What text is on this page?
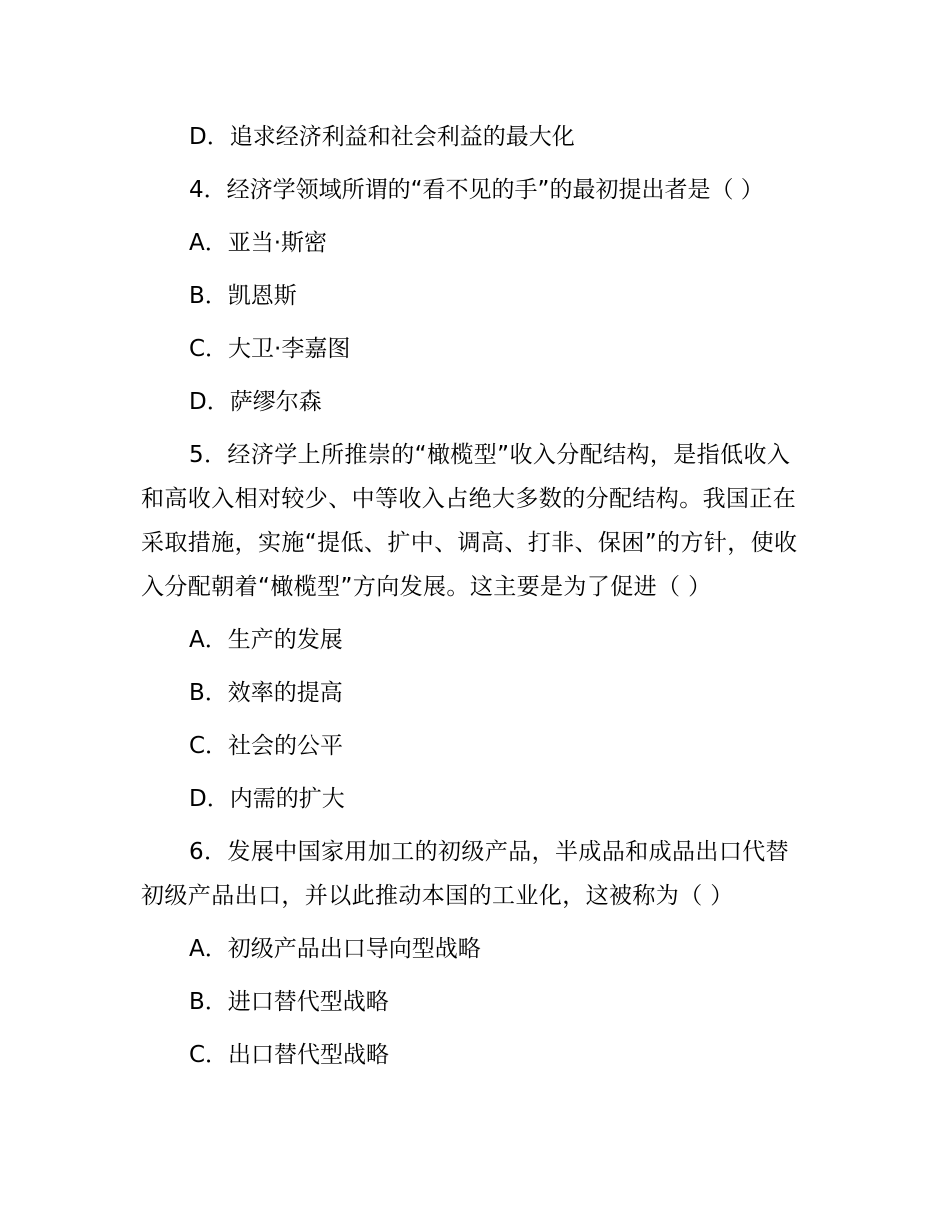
D．追求经济利益和社会利益的最大化

4．经济学领域所谓的“看不见的手”的最初提出者是（ ）

A．亚当·斯密

B．凯恩斯

C．大卫·李嘉图

D．萨缪尔森

5．经济学上所推崇的“橄榄型”收入分配结构，是指低收入和高收入相对较少、中等收入占绝大多数的分配结构。我国正在采取措施，实施“提低、扩中、调高、打非、保困”的方针，使收入分配朝着“橄榄型”方向发展。这主要是为了促进（ ）

A．生产的发展

B．效率的提高

C．社会的公平

D．内需的扩大

6．发展中国家用加工的初级产品，半成品和成品出口代替初级产品出口，并以此推动本国的工业化，这被称为（ ）

A．初级产品出口导向型战略

B．进口替代型战略

C．出口替代型战略
